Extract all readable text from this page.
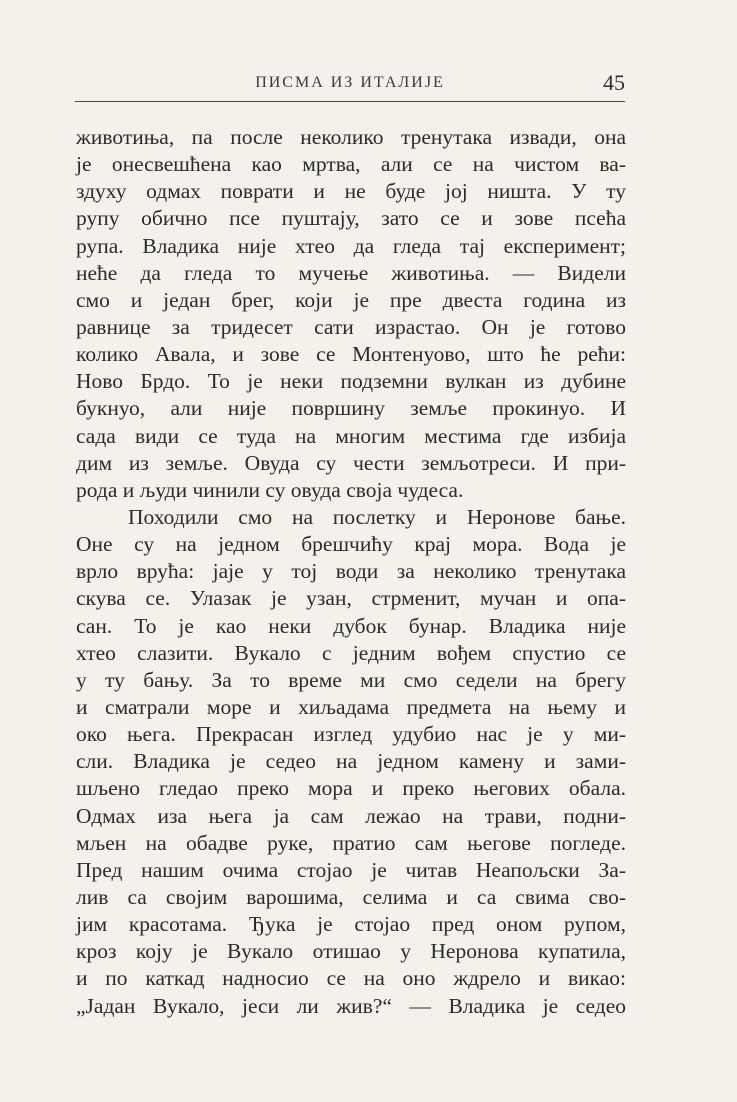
ПИСМА ИЗ ИТАЛИЈЕ	45
животиња, па после неколико тренутака извади, она
је онесвешћена као мртва, али се на чистом ва-
здуху одмах поврати и не буде јој ништа. У ту
рупу обично псе пуштају, зато се и зове псећа
рупа. Владика није хтео да гледа тај експеримент;
неће да гледа то мучење животиња. — Видели
смо и један брег, који је пре двеста година из
равнице за тридесет сати израстао. Он је готово
колико Авала, и зове се Монтенуово, што ће рећи:
Ново Брдо. То је неки подземни вулкан из дубине
букнуо, али није површину земље прокинуо. И
сада види се туда на многим местима где избија
дим из земље. Овуда су чести земљотреси. И при-
рода и људи чинили су овуда своја чудеса.
Походили смо на послетку и Неронове бање.
Оне су на једном брешчићу крај мора. Вода је
врло врућа: јаје у тој води за неколико тренутака
скува се. Улазак је узан, стрменит, мучан и опа-
сан. То је као неки дубок бунар. Владика није
хтео слазити. Вукало с једним вођем спустио се
у ту бању. За то време ми смо седели на брегу
и сматрали море и хиљадама предмета на њему и
око њега. Прекрасан изглед удубио нас је у ми-
сли. Владика је седео на једном камену и зами-
шљено гледао преко мора и преко његових обала.
Одмах иза њега ја сам лежао на трави, подни-
мљен на обадве руке, пратио сам његове погледе.
Пред нашим очима стојао је читав Неапољски За-
лив са својим варошима, селима и са свима сво-
јим красотама. Ђука је стојао пред оном рупом,
кроз коју је Вукало отишао у Неронова купатила,
и по каткад надносио се на оно ждрело и викао:
„Јадан Вукало, јеси ли жив?“ — Владика је седео
